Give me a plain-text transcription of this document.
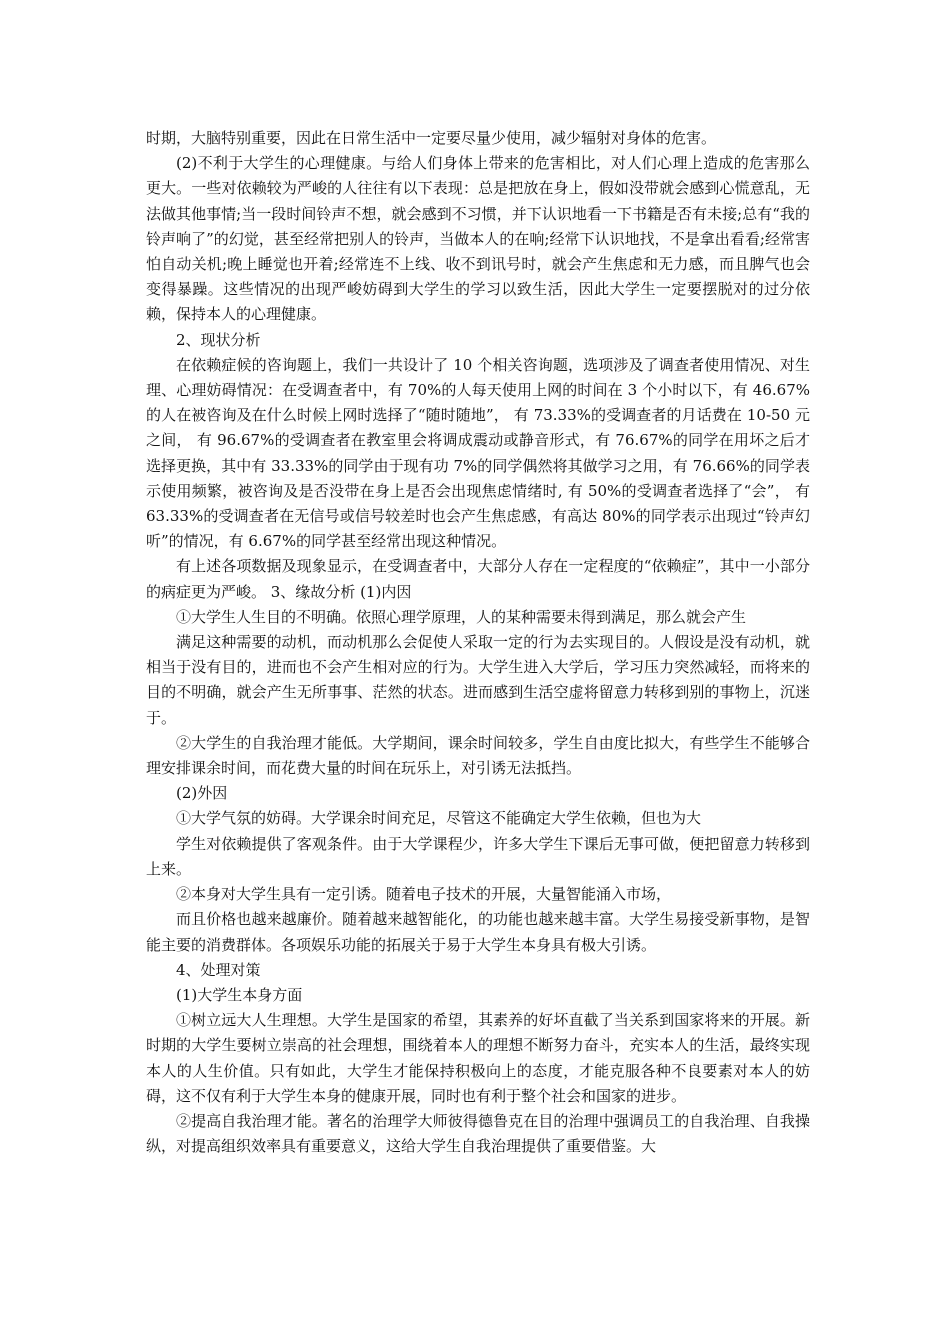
时期，大脑特别重要，因此在日常生活中一定要尽量少使用，减少辐射对身体的危害。

(2)不利于大学生的心理健康。与给人们身体上带来的危害相比，对人们心理上造成的危害那么更大。一些对依赖较为严峻的人往往有以下表现：总是把放在身上，假如没带就会感到心慌意乱，无法做其他事情;当一段时间铃声不想，就会感到不习惯，并下认识地看一下书籍是否有未接;总有“我的铃声响了”的幻觉，甚至经常把别人的铃声，当做本人的在响;经常下认识地找，不是拿出看看;经常害怕自动关机;晚上睡觉也开着;经常连不上线、收不到讯号时，就会产生焦虑和无力感，而且脾气也会变得暴躁。这些情况的出现严峻妨碍到大学生的学习以致生活，因此大学生一定要摆脱对的过分依赖，保持本人的心理健康。

2、现状分析

在依赖症候的咨询题上，我们一共设计了 10 个相关咨询题，选项涉及了调查者使用情况、对生理、心理妨碍情况：在受调查者中，有 70%的人每天使用上网的时间在 3 个小时以下，有 46.67%的人在被咨询及在什么时候上网时选择了“随时随地”， 有 73.33%的受调查者的月话费在 10-50 元之间， 有 96.67%的受调查者在教室里会将调成震动或静音形式，有 76.67%的同学在用坏之后才选择更换，其中有 33.33%的同学由于现有功 7%的同学偶然将其做学习之用，有 76.66%的同学表示使用频繁，被咨询及是否没带在身上是否会出现焦虑情绪时, 有 50%的受调查者选择了“会”， 有 63.33%的受调查者在无信号或信号较差时也会产生焦虑感，有高达 80%的同学表示出现过“铃声幻听”的情况，有 6.67%的同学甚至经常出现这种情况。

有上述各项数据及现象显示，在受调查者中，大部分人存在一定程度的“依赖症”，其中一小部分的病症更为严峻。 3、缘故分析 (1)内因

①大学生人生目的不明确。依照心理学原理，人的某种需要未得到满足，那么就会产生

满足这种需要的动机，而动机那么会促使人采取一定的行为去实现目的。人假设是没有动机，就相当于没有目的，进而也不会产生相对应的行为。大学生进入大学后，学习压力突然减轻，而将来的目的不明确，就会产生无所事事、茫然的状态。进而感到生活空虚将留意力转移到别的事物上，沉迷于。

②大学生的自我治理才能低。大学期间，课余时间较多，学生自由度比拟大，有些学生不能够合理安排课余时间，而花费大量的时间在玩乐上，对引诱无法抵挡。

(2)外因

①大学气氛的妨碍。大学课余时间充足，尽管这不能确定大学生依赖，但也为大

学生对依赖提供了客观条件。由于大学课程少，许多大学生下课后无事可做，便把留意力转移到上来。

②本身对大学生具有一定引诱。随着电子技术的开展，大量智能涌入市场，

而且价格也越来越廉价。随着越来越智能化，的功能也越来越丰富。大学生易接受新事物，是智能主要的消费群体。各项娱乐功能的拓展关于易于大学生本身具有极大引诱。

4、处理对策

(1)大学生本身方面

①树立远大人生理想。大学生是国家的希望，其素养的好坏直截了当关系到国家将来的开展。新时期的大学生要树立崇高的社会理想，围绕着本人的理想不断努力奋斗，充实本人的生活，最终实现本人的人生价值。只有如此，大学生才能保持积极向上的态度，才能克服各种不良要素对本人的妨碍，这不仅有利于大学生本身的健康开展，同时也有利于整个社会和国家的进步。

②提高自我治理才能。著名的治理学大师彼得德鲁克在目的治理中强调员工的自我治理、自我操纵，对提高组织效率具有重要意义，这给大学生自我治理提供了重要借鉴。大
